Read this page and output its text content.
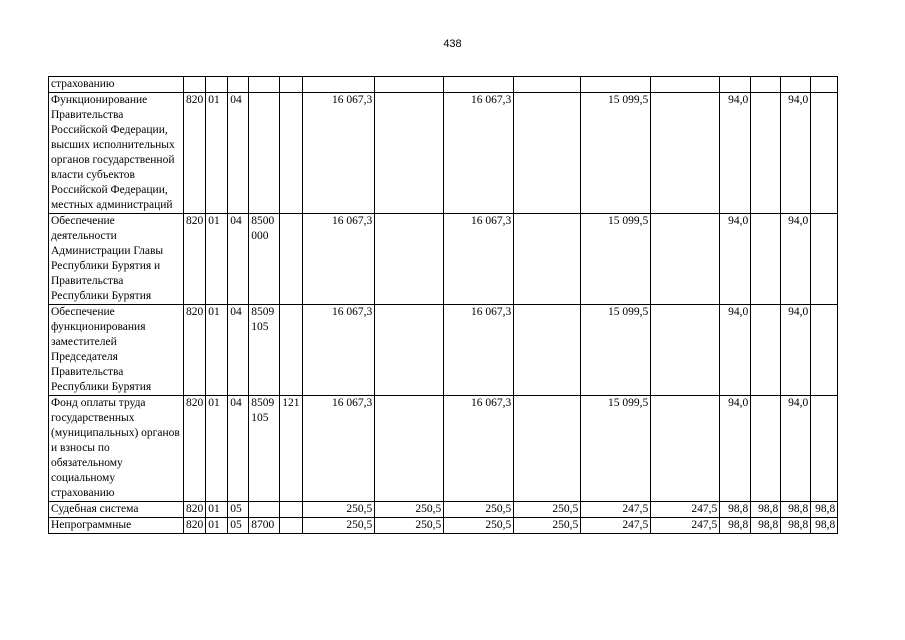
438
страхованию															
Функционирование Правительства Российской Федерации, высших исполнительных органов государственной власти субъектов Российской Федерации, местных администраций	820	01	04			16 067,3		16 067,3		15 099,5		94,0		94,0	
Обеспечение деятельности Администрации Главы Республики Бурятия и Правительства Республики Бурятия	820	01	04	8500 000		16 067,3		16 067,3		15 099,5		94,0		94,0	
Обеспечение функционирования заместителей Председателя Правительства Республики Бурятия	820	01	04	8509 105		16 067,3		16 067,3		15 099,5		94,0		94,0	
Фонд оплаты труда государственных (муниципальных) органов и взносы по обязательному социальному страхованию	820	01	04	8509 105	121	16 067,3		16 067,3		15 099,5		94,0		94,0	
Судебная система	820	01	05			250,5	250,5	250,5	250,5	247,5	247,5	98,8	98,8	98,8	98,8
Непрограммные	820	01	05	8700		250,5	250,5	250,5	250,5	247,5	247,5	98,8	98,8	98,8	98,8
